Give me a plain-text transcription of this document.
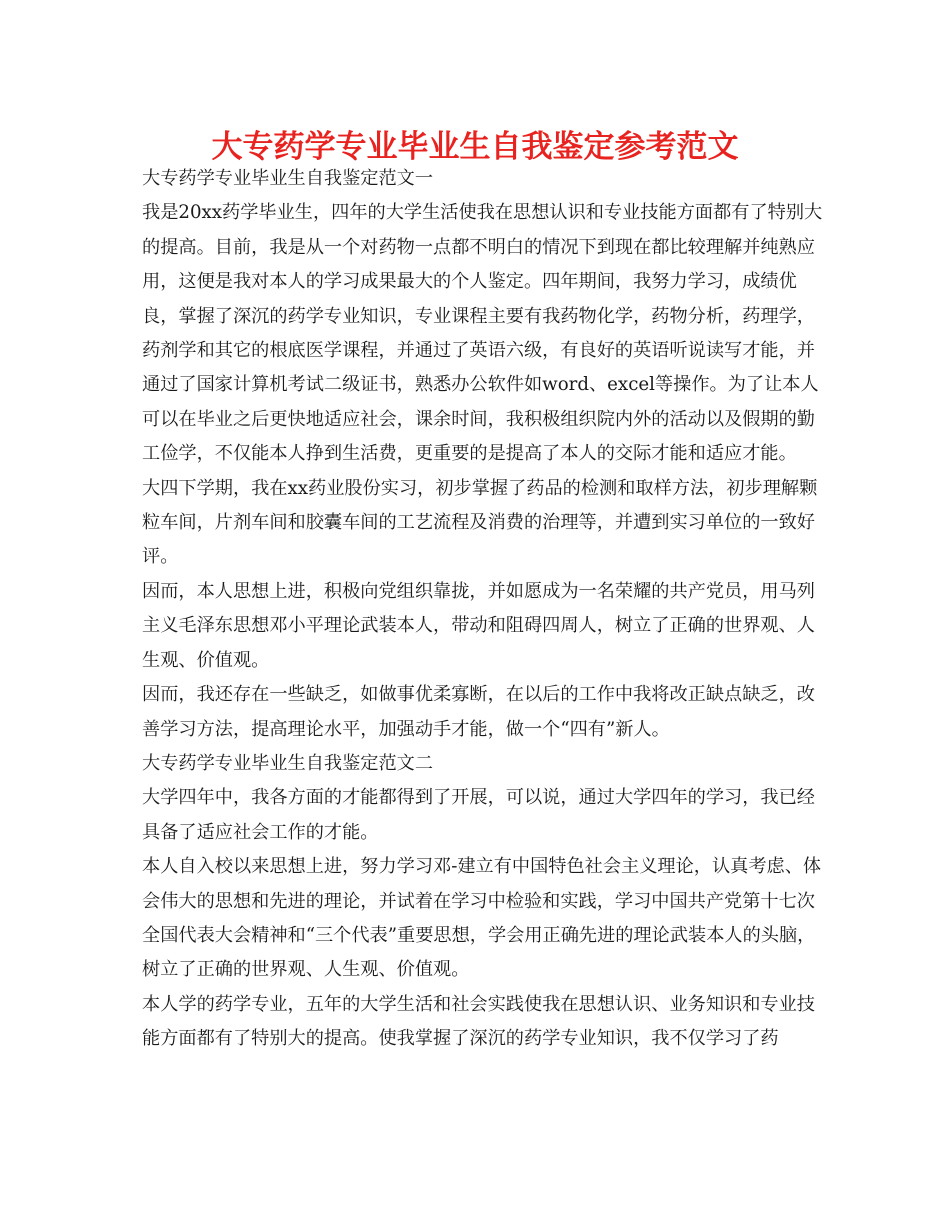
大专药学专业毕业生自我鉴定参考范文

大专药学专业毕业生自我鉴定范文一

我是20xx药学毕业生，四年的大学生活使我在思想认识和专业技能方面都有了特别大的提高。目前，我是从一个对药物一点都不明白的情况下到现在都比较理解并纯熟应用，这便是我对本人的学习成果最大的个人鉴定。四年期间，我努力学习，成绩优良，掌握了深沉的药学专业知识，专业课程主要有我药物化学，药物分析，药理学，药剂学和其它的根底医学课程，并通过了英语六级，有良好的英语听说读写才能，并通过了国家计算机考试二级证书，熟悉办公软件如word、excel等操作。为了让本人可以在毕业之后更快地适应社会，课余时间，我积极组织院内外的活动以及假期的勤工俭学，不仅能本人挣到生活费，更重要的是提高了本人的交际才能和适应才能。

大四下学期，我在xx药业股份实习，初步掌握了药品的检测和取样方法，初步理解颗粒车间，片剂车间和胶囊车间的工艺流程及消费的治理等，并遭到实习单位的一致好评。

因而，本人思想上进，积极向党组织靠拢，并如愿成为一名荣耀的共产党员，用马列主义毛泽东思想邓小平理论武装本人，带动和阻碍四周人，树立了正确的世界观、人生观、价值观。

因而，我还存在一些缺乏，如做事优柔寡断，在以后的工作中我将改正缺点缺乏，改善学习方法，提高理论水平，加强动手才能，做一个“四有”新人。

大专药学专业毕业生自我鉴定范文二

大学四年中，我各方面的才能都得到了开展，可以说，通过大学四年的学习，我已经具备了适应社会工作的才能。

本人自入校以来思想上进，努力学习邓-建立有中国特色社会主义理论，认真考虑、体会伟大的思想和先进的理论，并试着在学习中检验和实践，学习中国共产党第十七次全国代表大会精神和“三个代表”重要思想，学会用正确先进的理论武装本人的头脑，树立了正确的世界观、人生观、价值观。

本人学的药学专业，五年的大学生活和社会实践使我在思想认识、业务知识和专业技能方面都有了特别大的提高。使我掌握了深沉的药学专业知识，我不仅学习了药
